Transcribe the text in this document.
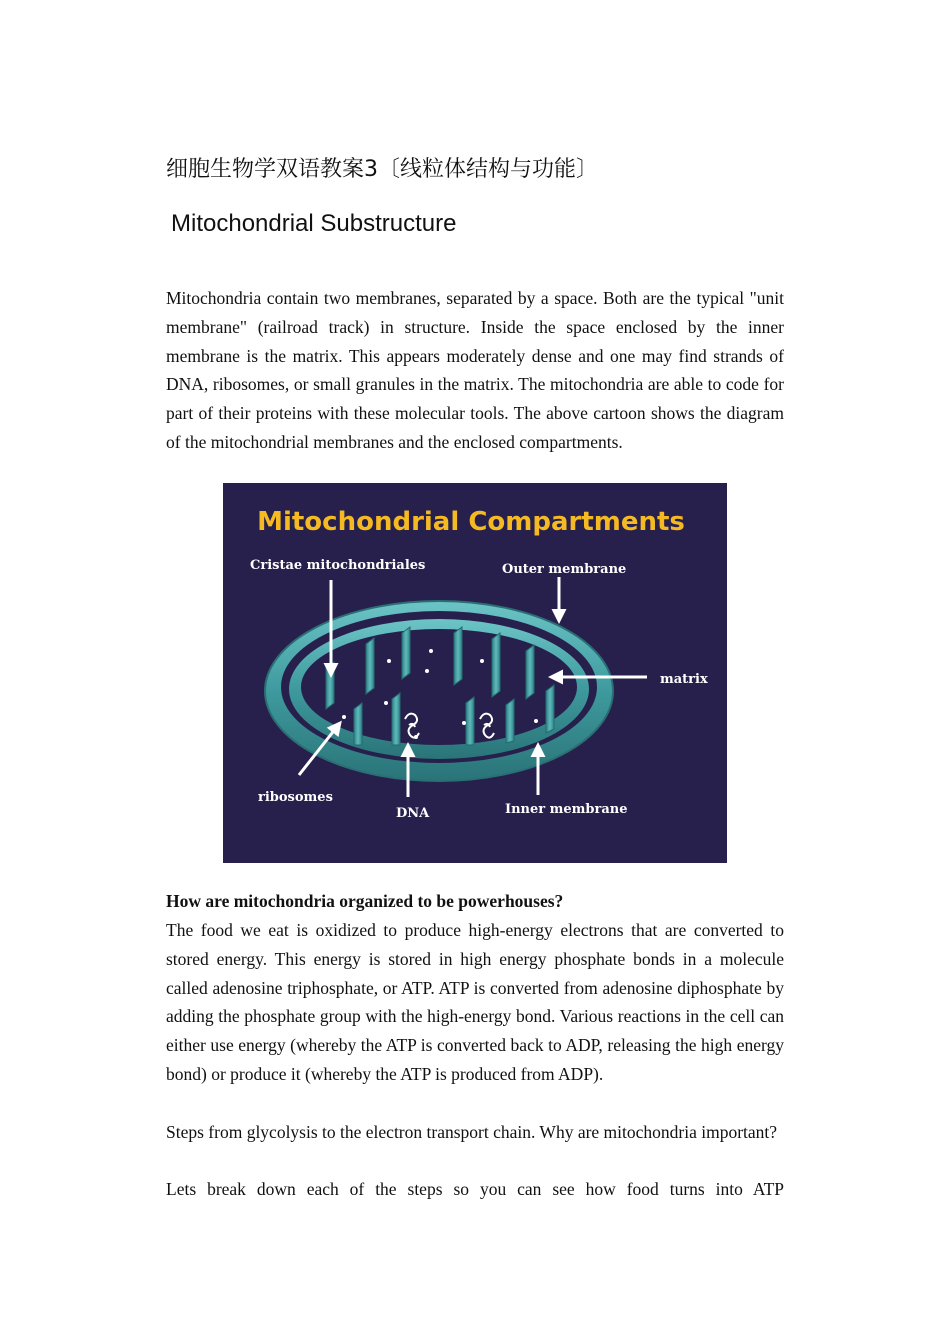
细胞生物学双语教案3〔线粒体结构与功能〕
Mitochondrial Substructure

Mitochondria contain two membranes, separated by a space. Both are the typical "unit membrane" (railroad track) in structure. Inside the space enclosed by the inner membrane is the matrix. This appears moderately dense and one may find strands of DNA, ribosomes, or small granules in the matrix. The mitochondria are able to code for part of their proteins with these molecular tools. The above cartoon shows the diagram of the mitochondrial membranes and the enclosed compartments.

Mitochondrial Compartments
Cristae mitochondriales	Outer membrane
matrix
ribosomes
DNA	Inner membrane

How are mitochondria organized to be powerhouses?

The food we eat is oxidized to produce high-energy electrons that are converted to stored energy. This energy is stored in high energy phosphate bonds in a molecule called adenosine triphosphate, or ATP. ATP is converted from adenosine diphosphate by adding the phosphate group with the high-energy bond. Various reactions in the cell can either use energy (whereby the ATP is converted back to ADP, releasing the high energy bond) or produce it (whereby the ATP is produced from ADP).

Steps from glycolysis to the electron transport chain. Why are mitochondria important?

Lets break down each of the steps so you can see how food turns into ATP
